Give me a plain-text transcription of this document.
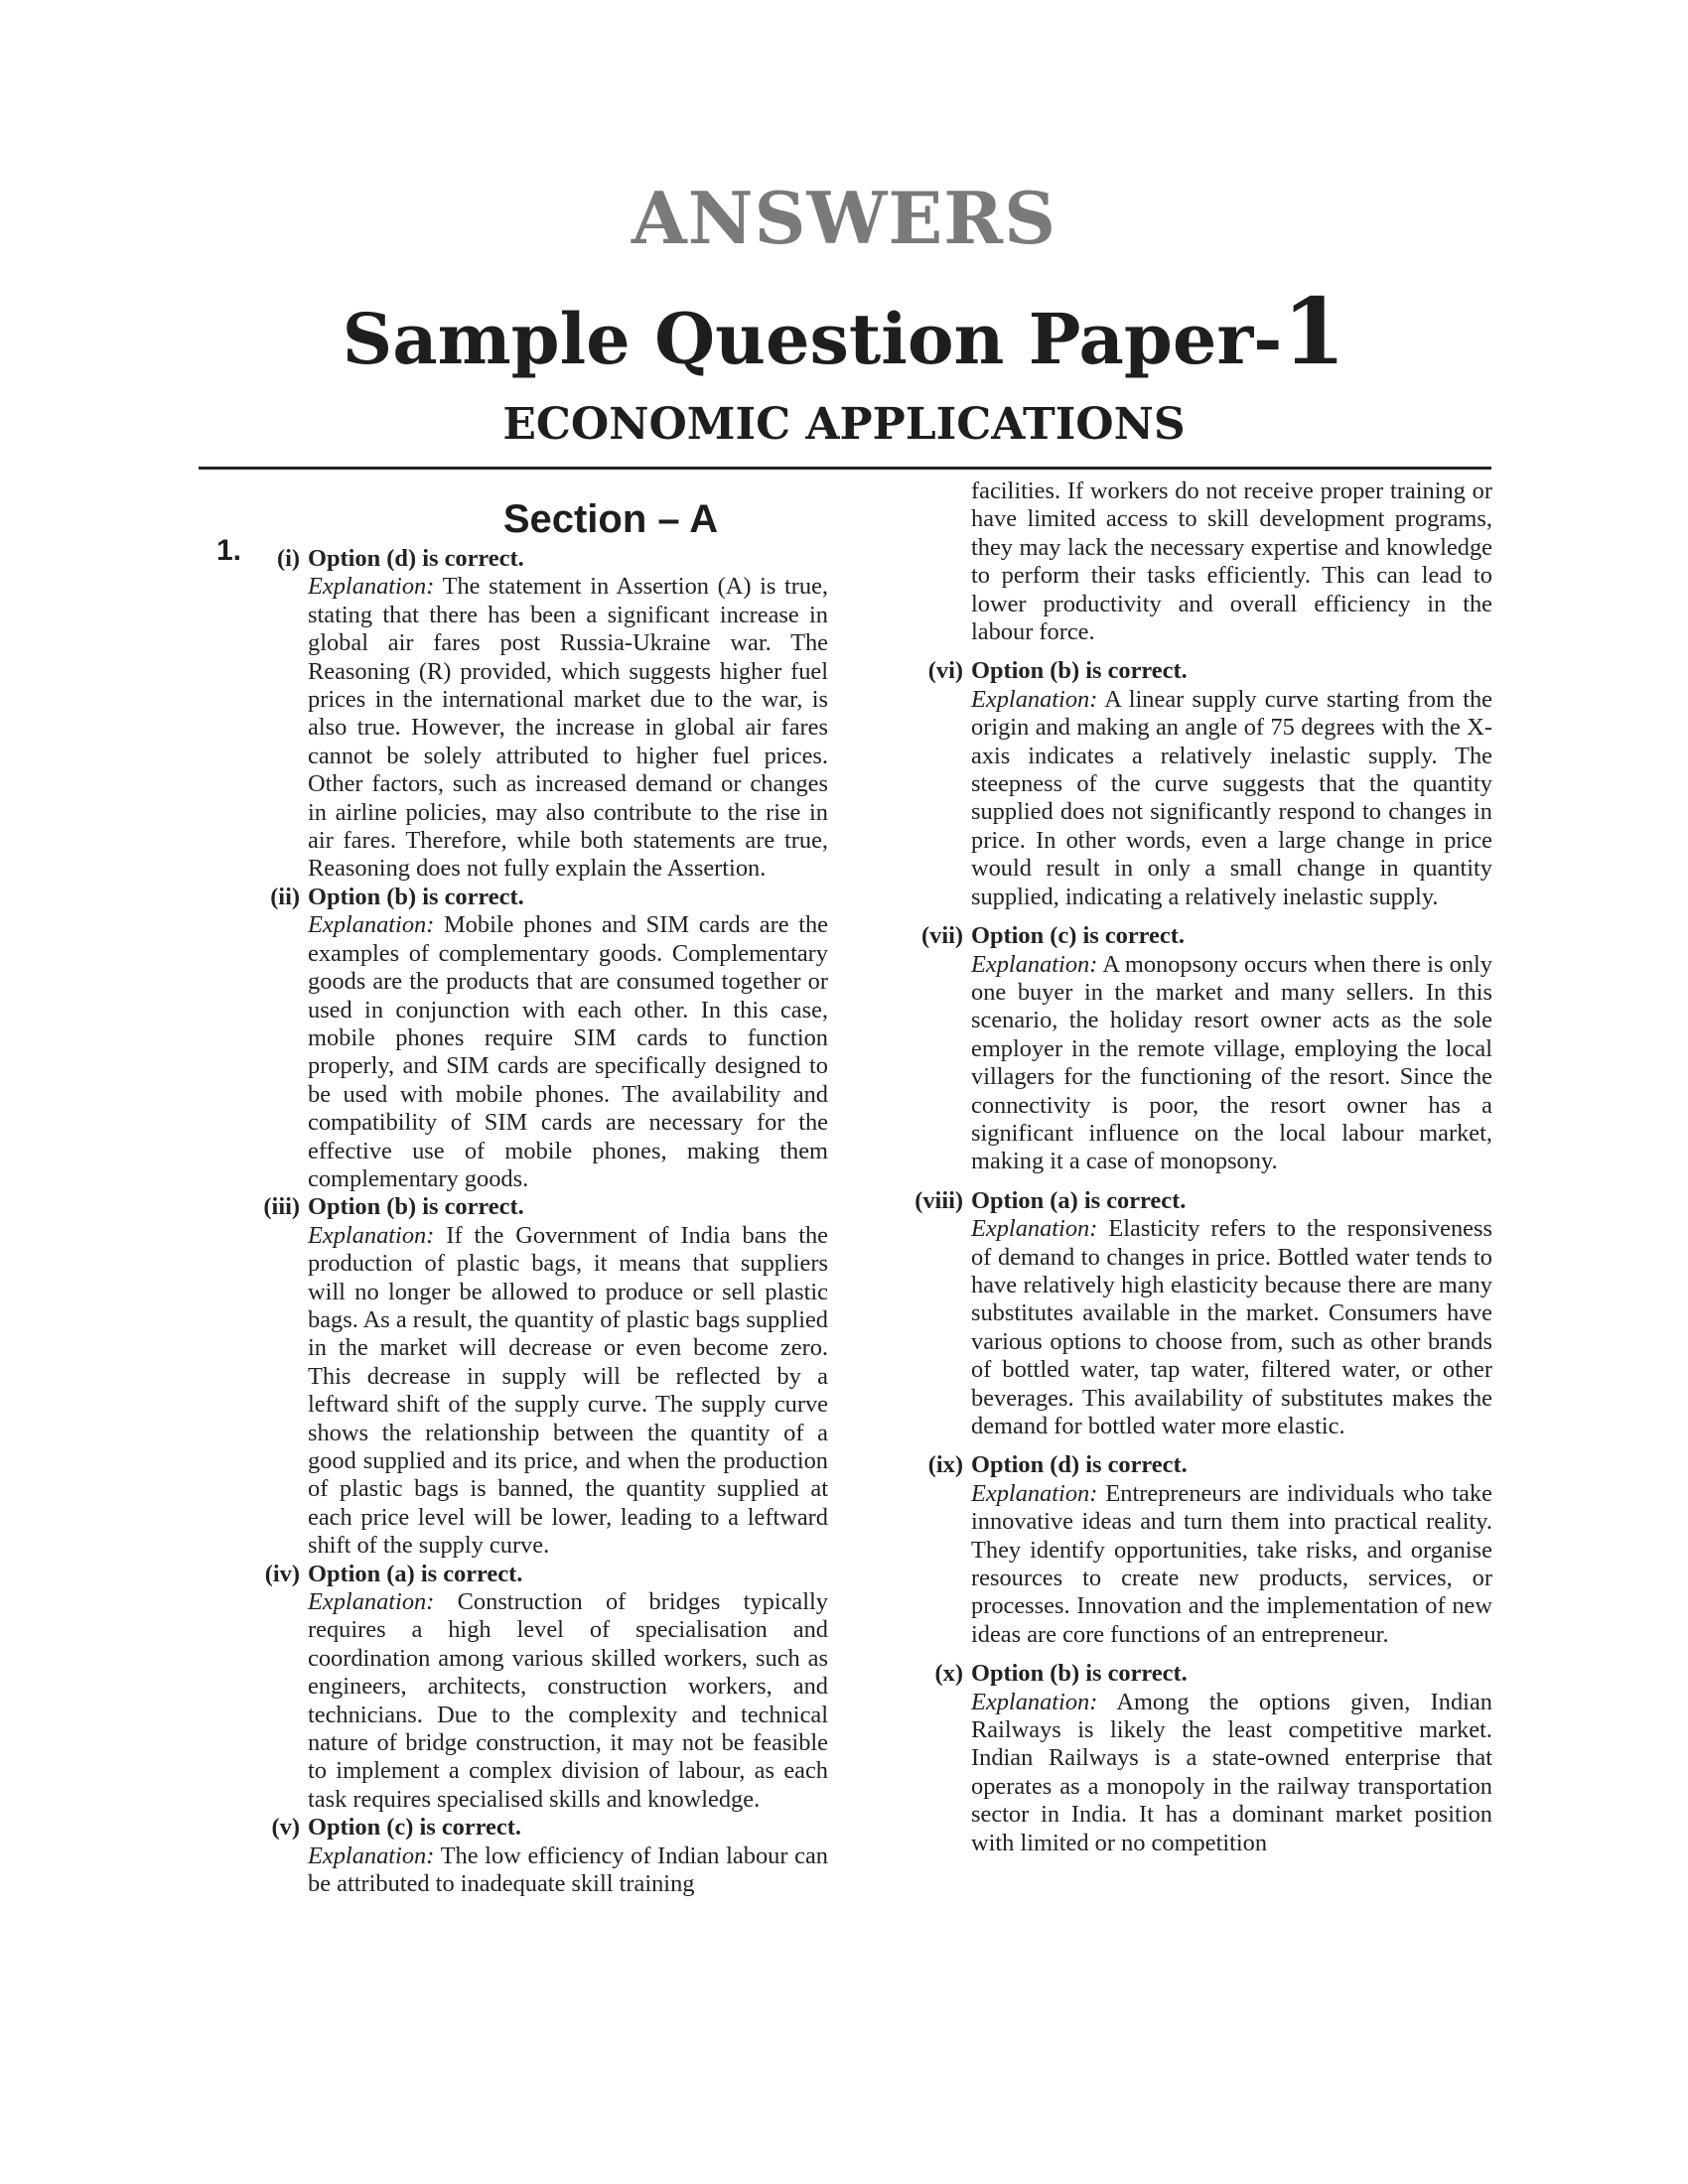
ANSWERS
Sample Question Paper-1
ECONOMIC APPLICATIONS
Section – A
1. (i) Option (d) is correct.

Explanation: The statement in Assertion (A) is true, stating that there has been a significant increase in global air fares post Russia-Ukraine war. The Reasoning (R) provided, which suggests higher fuel prices in the international market due to the war, is also true. However, the increase in global air fares cannot be solely attributed to higher fuel prices. Other factors, such as increased demand or changes in airline policies, may also contribute to the rise in air fares. Therefore, while both statements are true, Reasoning does not fully explain the Assertion.

(ii) Option (b) is correct.

Explanation: Mobile phones and SIM cards are the examples of complementary goods. Complementary goods are the products that are consumed together or used in conjunction with each other. In this case, mobile phones require SIM cards to function properly, and SIM cards are specifically designed to be used with mobile phones. The availability and compatibility of SIM cards are necessary for the effective use of mobile phones, making them complementary goods.

(iii) Option (b) is correct.

Explanation: If the Government of India bans the production of plastic bags, it means that suppliers will no longer be allowed to produce or sell plastic bags. As a result, the quantity of plastic bags supplied in the market will decrease or even become zero. This decrease in supply will be reflected by a leftward shift of the supply curve. The supply curve shows the relationship between the quantity of a good supplied and its price, and when the production of plastic bags is banned, the quantity supplied at each price level will be lower, leading to a leftward shift of the supply curve.

(iv) Option (a) is correct.

Explanation: Construction of bridges typically requires a high level of specialisation and coordination among various skilled workers, such as engineers, architects, construction workers, and technicians. Due to the complexity and technical nature of bridge construction, it may not be feasible to implement a complex division of labour, as each task requires specialised skills and knowledge.

(v) Option (c) is correct.

Explanation: The low efficiency of Indian labour can be attributed to inadequate skill training

facilities. If workers do not receive proper training or have limited access to skill development programs, they may lack the necessary expertise and knowledge to perform their tasks efficiently. This can lead to lower productivity and overall efficiency in the labour force.

(vi) Option (b) is correct.

Explanation: A linear supply curve starting from the origin and making an angle of 75 degrees with the X-axis indicates a relatively inelastic supply. The steepness of the curve suggests that the quantity supplied does not significantly respond to changes in price. In other words, even a large change in price would result in only a small change in quantity supplied, indicating a relatively inelastic supply.

(vii) Option (c) is correct.

Explanation: A monopsony occurs when there is only one buyer in the market and many sellers. In this scenario, the holiday resort owner acts as the sole employer in the remote village, employing the local villagers for the functioning of the resort. Since the connectivity is poor, the resort owner has a significant influence on the local labour market, making it a case of monopsony.

(viii) Option (a) is correct.

Explanation: Elasticity refers to the responsiveness of demand to changes in price. Bottled water tends to have relatively high elasticity because there are many substitutes available in the market. Consumers have various options to choose from, such as other brands of bottled water, tap water, filtered water, or other beverages. This availability of substitutes makes the demand for bottled water more elastic.

(ix) Option (d) is correct.

Explanation: Entrepreneurs are individuals who take innovative ideas and turn them into practical reality. They identify opportunities, take risks, and organise resources to create new products, services, or processes. Innovation and the implementation of new ideas are core functions of an entrepreneur.

(x) Option (b) is correct.

Explanation: Among the options given, Indian Railways is likely the least competitive market. Indian Railways is a state-owned enterprise that operates as a monopoly in the railway transportation sector in India. It has a dominant market position with limited or no competition
